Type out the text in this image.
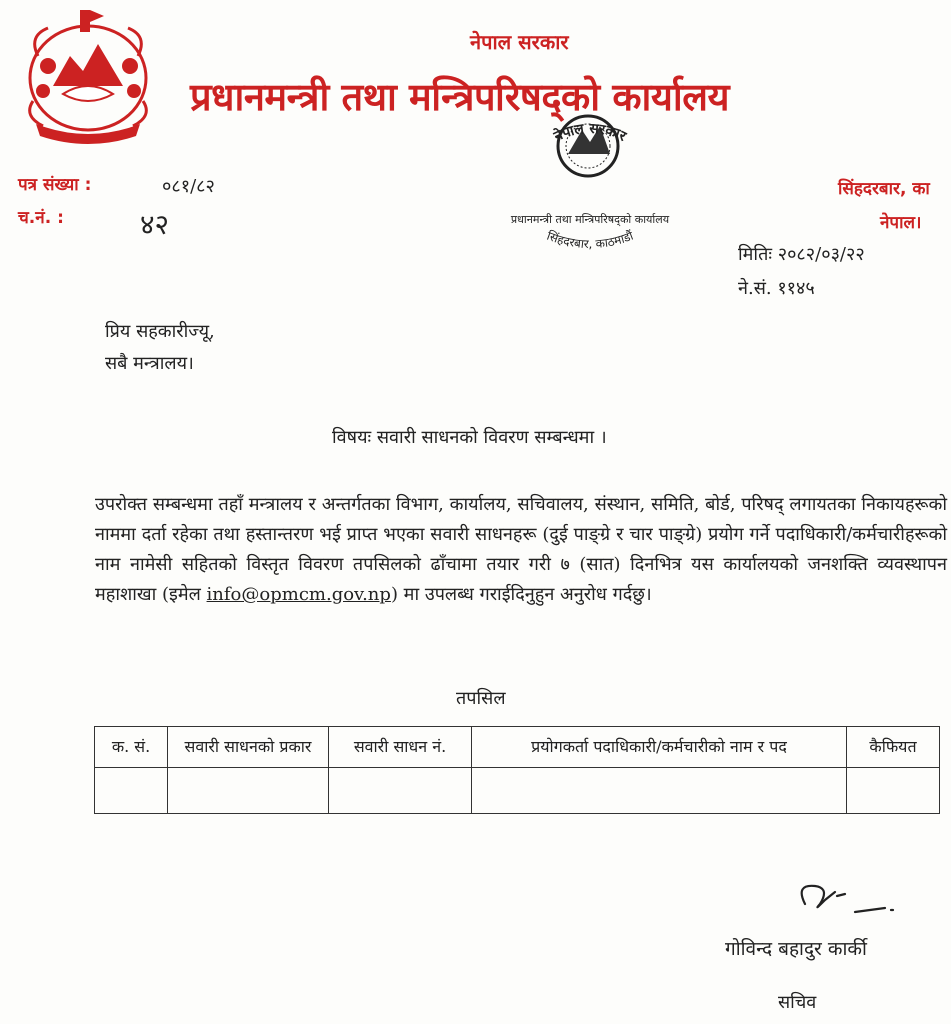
नेपाल सरकार
प्रधानमन्त्री तथा मन्त्रिपरिषद्को कार्यालय
पत्र संख्या :	०८१/८२
च.नं. :	४२
नेपाल सरकार
प्रधानमन्त्री तथा मन्त्रिपरिषद्को कार्यालय
सिंहदरबार, काठमाडौं
सिंहदरबार, का
नेपाल।
मितिः २०८२/०३/२२
ने.सं. ११४५
प्रिय सहकारीज्यू,
सबै मन्त्रालय।
विषयः सवारी साधनको विवरण सम्बन्धमा ।
उपरोक्त सम्बन्धमा तहाँ मन्त्रालय र अन्तर्गतका विभाग, कार्यालय, सचिवालय, संस्थान, समिति, बोर्ड, परिषद् लगायतका निकायहरूको नाममा दर्ता रहेका तथा हस्तान्तरण भई प्राप्त भएका सवारी साधनहरू (दुई पाङ्ग्रे र चार पाङ्ग्रे) प्रयोग गर्ने पदाधिकारी/कर्मचारीहरूको नाम नामेसी सहितको विस्तृत विवरण तपसिलको ढाँचामा तयार गरी ७ (सात) दिनभित्र यस कार्यालयको जनशक्ति व्यवस्थापन महाशाखा (इमेल info@opmcm.gov.np) मा उपलब्ध गराईदिनुहुन अनुरोध गर्दछु।
तपसिल
क. सं.	सवारी साधनको प्रकार	सवारी साधन नं.	प्रयोगकर्ता पदाधिकारी/कर्मचारीको नाम र पद	कैफियत

गोविन्द बहादुर कार्की
सचिव
